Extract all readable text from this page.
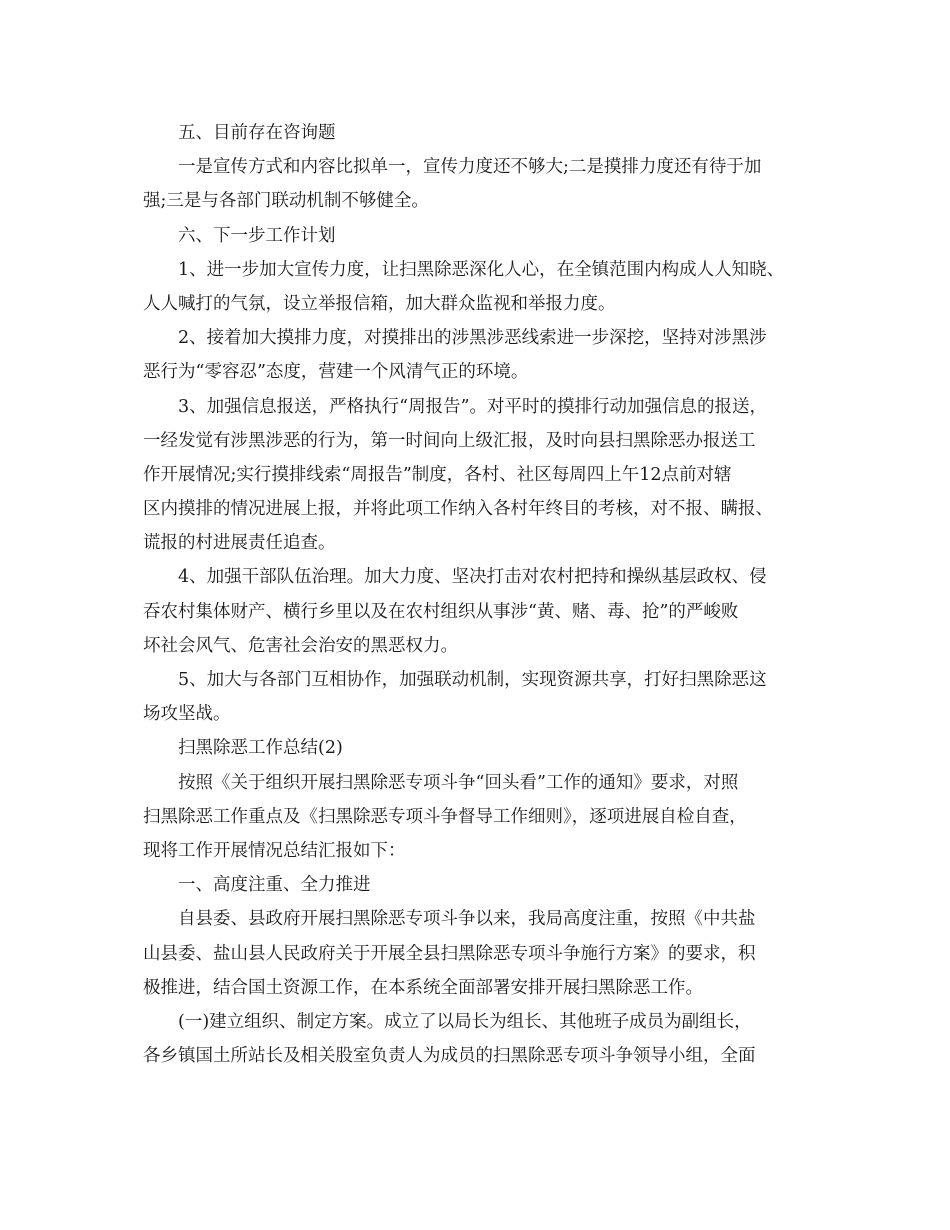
五、目前存在咨询题
一是宣传方式和内容比拟单一，宣传力度还不够大;二是摸排力度还有待于加
强;三是与各部门联动机制不够健全。
六、下一步工作计划
1、进一步加大宣传力度，让扫黑除恶深化人心，在全镇范围内构成人人知晓、
人人喊打的气氛，设立举报信箱，加大群众监视和举报力度。
2、接着加大摸排力度，对摸排出的涉黑涉恶线索进一步深挖，坚持对涉黑涉
恶行为“零容忍”态度，营建一个风清气正的环境。
3、加强信息报送，严格执行“周报告”。对平时的摸排行动加强信息的报送，
一经发觉有涉黑涉恶的行为，第一时间向上级汇报，及时向县扫黑除恶办报送工
作开展情况;实行摸排线索“周报告”制度，各村、社区每周四上午12点前对辖
区内摸排的情况进展上报，并将此项工作纳入各村年终目的考核，对不报、瞒报、
谎报的村进展责任追查。
4、加强干部队伍治理。加大力度、坚决打击对农村把持和操纵基层政权、侵
吞农村集体财产、横行乡里以及在农村组织从事涉“黄、赌、毒、抢”的严峻败
坏社会风气、危害社会治安的黑恶权力。
5、加大与各部门互相协作，加强联动机制，实现资源共享，打好扫黑除恶这
场攻坚战。
扫黑除恶工作总结(2)
按照《关于组织开展扫黑除恶专项斗争“回头看”工作的通知》要求，对照
扫黑除恶工作重点及《扫黑除恶专项斗争督导工作细则》，逐项进展自检自查，
现将工作开展情况总结汇报如下：
一、高度注重、全力推进
自县委、县政府开展扫黑除恶专项斗争以来，我局高度注重，按照《中共盐
山县委、盐山县人民政府关于开展全县扫黑除恶专项斗争施行方案》的要求，积
极推进，结合国土资源工作，在本系统全面部署安排开展扫黑除恶工作。
(一)建立组织、制定方案。成立了以局长为组长、其他班子成员为副组长，
各乡镇国土所站长及相关股室负责人为成员的扫黑除恶专项斗争领导小组，全面
